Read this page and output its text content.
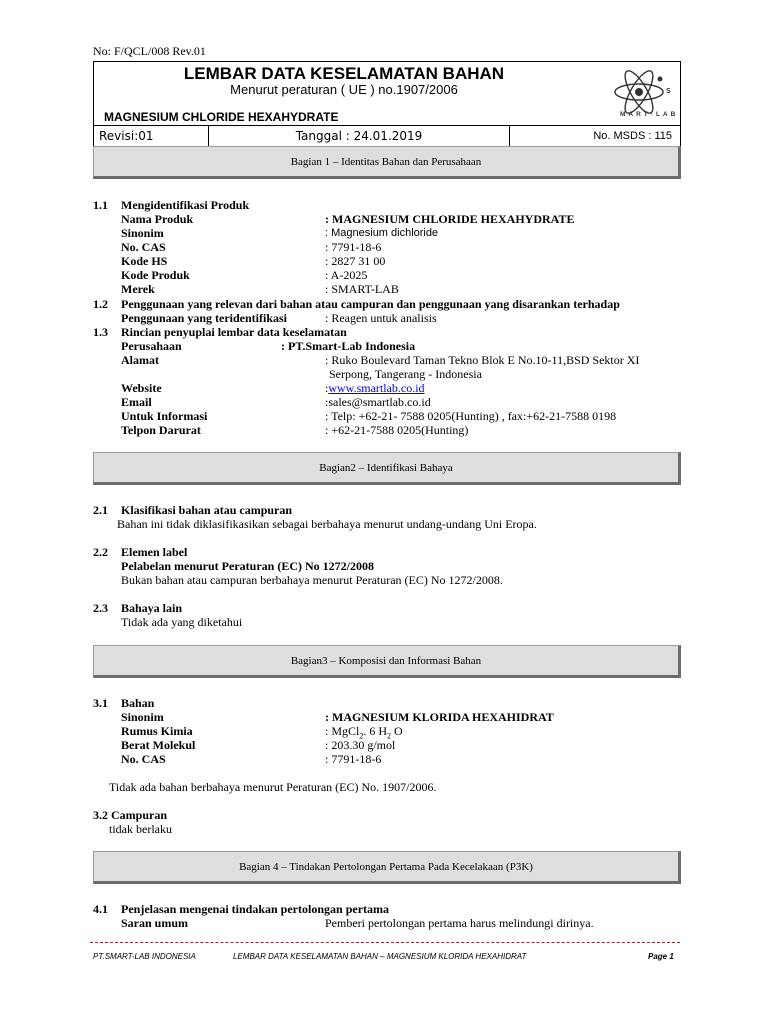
No: F/QCL/008 Rev.01
LEMBAR DATA KESELAMATAN BAHAN
Menurut peraturan ( UE ) no.1907/2006
MAGNESIUM CHLORIDE HEXAHYDRATE
S
MART·LAB
Revisi:01	Tanggal : 24.01.2019	No. MSDS : 115
Bagian 1 – Identitas Bahan dan Perusahaan
1.1 Mengidentifikasi Produk
Nama Produk	: MAGNESIUM CHLORIDE HEXAHYDRATE
Sinonim	: Magnesium dichloride
No. CAS	: 7791-18-6
Kode HS	: 2827 31 00
Kode Produk	: A-2025
Merek	: SMART-LAB
1.2 Penggunaan yang relevan dari bahan atau campuran dan penggunaan yang disarankan terhadap
Penggunaan yang teridentifikasi	: Reagen untuk analisis
1.3 Rincian penyuplai lembar data keselamatan
Perusahaan	: PT.Smart-Lab Indonesia
Alamat	: Ruko Boulevard Taman Tekno Blok E No.10-11,BSD Sektor XI
Serpong, Tangerang - Indonesia
Website	:www.smartlab.co.id
Email	:sales@smartlab.co.id
Untuk Informasi	: Telp: +62-21- 7588 0205(Hunting) , fax:+62-21-7588 0198
Telpon Darurat	: +62-21-7588 0205(Hunting)
Bagian2 – Identifikasi Bahaya
2.1 Klasifikasi bahan atau campuran
Bahan ini tidak diklasifikasikan sebagai berbahaya menurut undang-undang Uni Eropa.
2.2 Elemen label
Pelabelan menurut Peraturan (EC) No 1272/2008
Bukan bahan atau campuran berbahaya menurut Peraturan (EC) No 1272/2008.
2.3 Bahaya lain
Tidak ada yang diketahui
Bagian3 – Komposisi dan Informasi Bahan
3.1 Bahan
Sinonim	: MAGNESIUM KLORIDA HEXAHIDRAT
Rumus Kimia	: MgCl$_2$. 6 $H_2$ O
Berat Molekul	: 203.30 g/mol
No. CAS	: 7791-18-6
Tidak ada bahan berbahaya menurut Peraturan (EC) No. 1907/2006.
3.2 Campuran
tidak berlaku
Bagian 4 – Tindakan Pertolongan Pertama Pada Kecelakaan (P3K)
4.1 Penjelasan mengenai tindakan pertolongan pertama
Saran umum	Pemberi pertolongan pertama harus melindungi dirinya.
PT.SMART-LAB INDONESIA	LEMBAR DATA KESELAMATAN BAHAN – MAGNESIUM KLORIDA HEXAHIDRAT	Page 1
